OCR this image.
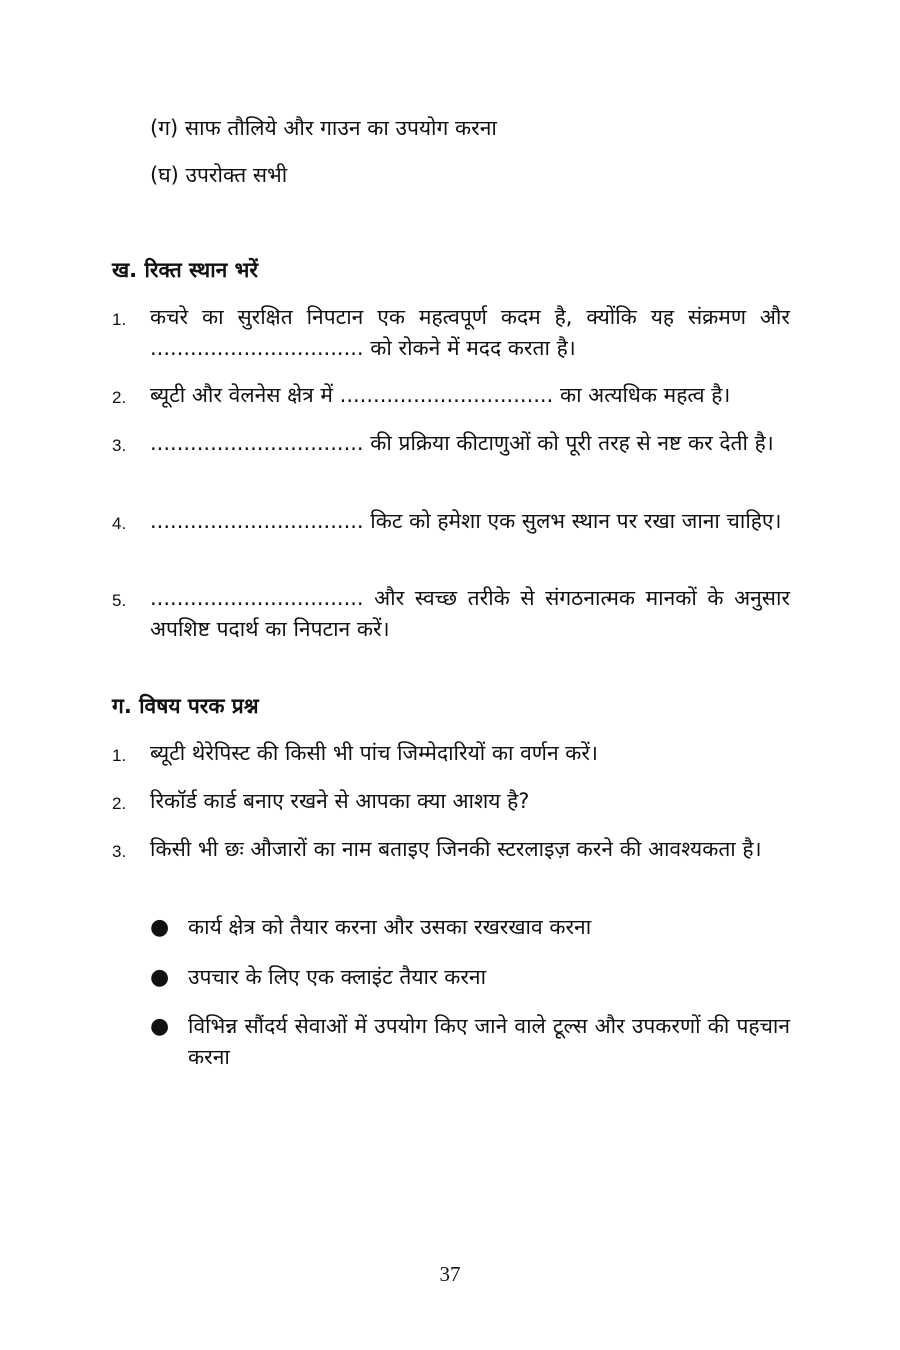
(ग) साफ तौलिये और गाउन का उपयोग करना
(घ) उपरोक्त सभी
ख. रिक्त स्थान भरें
1. कचरे का सुरक्षित निपटान एक महत्वपूर्ण कदम है, क्योंकि यह संक्रमण और ................................ को रोकने में मदद करता है।
2. ब्यूटी और वेलनेस क्षेत्र में ................................ का अत्यधिक महत्व है।
3. ................................ की प्रक्रिया कीटाणुओं को पूरी तरह से नष्ट कर देती है।
4. ................................ किट को हमेशा एक सुलभ स्थान पर रखा जाना चाहिए।
5. ................................ और स्वच्छ तरीके से संगठनात्मक मानकों के अनुसार अपशिष्ट पदार्थ का निपटान करें।
ग. विषय परक प्रश्न
1. ब्यूटी थेरेपिस्ट की किसी भी पांच जिम्मेदारियों का वर्णन करें।
2. रिकॉर्ड कार्ड बनाए रखने से आपका क्या आशय है?
3. किसी भी छः औजारों का नाम बताइए जिनकी स्टरलाइज़ करने की आवश्यकता है।
● कार्य क्षेत्र को तैयार करना और उसका रखरखाव करना
● उपचार के लिए एक क्लाइंट तैयार करना
● विभिन्न सौंदर्य सेवाओं में उपयोग किए जाने वाले टूल्स और उपकरणों की पहचान करना
37
